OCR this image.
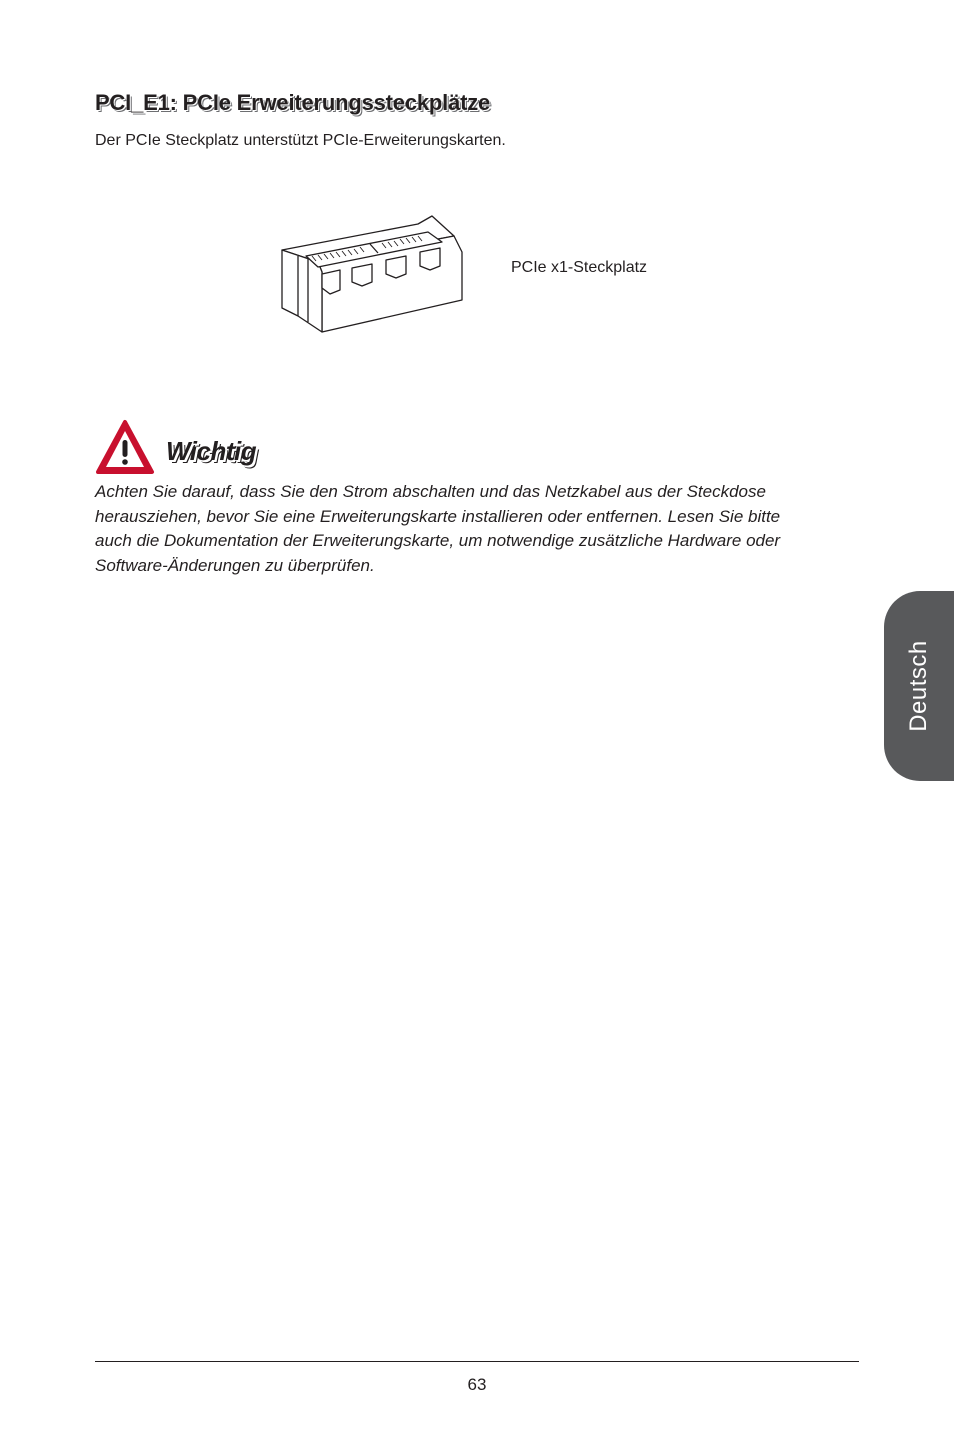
PCI_E1: PCIe Erweiterungssteckplätze

Der PCIe Steckplatz unterstützt PCIe-Erweiterungskarten.

PCIe x1-Steckplatz
Wichtig

Achten Sie darauf, dass Sie den Strom abschalten und das Netzkabel aus der Steckdose herausziehen, bevor Sie eine Erweiterungskarte installieren oder entfernen. Lesen Sie bitte auch die Dokumentation der Erweiterungskarte, um notwendige zusätzliche Hardware oder Software-Änderungen zu überprüfen.

Deutsch
63
